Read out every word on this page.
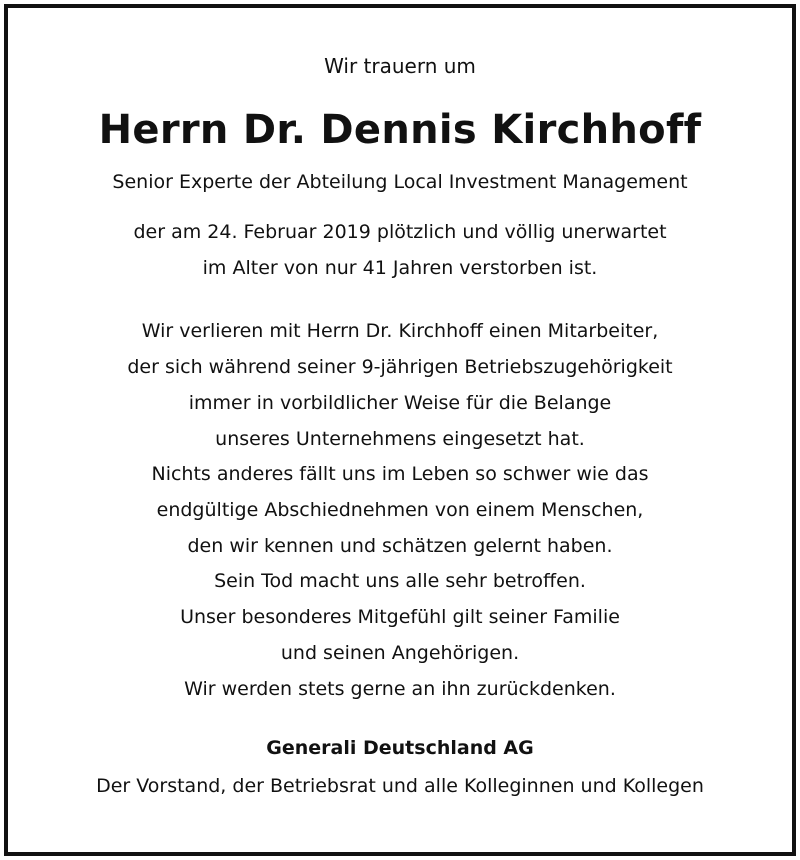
Wir trauern um
Herrn Dr. Dennis Kirchhoff
Senior Experte der Abteilung Local Investment Management
der am 24. Februar 2019 plötzlich und völlig unerwartet
im Alter von nur 41 Jahren verstorben ist.
Wir verlieren mit Herrn Dr. Kirchhoff einen Mitarbeiter,
der sich während seiner 9-jährigen Betriebszugehörigkeit
immer in vorbildlicher Weise für die Belange
unseres Unternehmens eingesetzt hat.
Nichts anderes fällt uns im Leben so schwer wie das
endgültige Abschiednehmen von einem Menschen,
den wir kennen und schätzen gelernt haben.
Sein Tod macht uns alle sehr betroffen.
Unser besonderes Mitgefühl gilt seiner Familie
und seinen Angehörigen.
Wir werden stets gerne an ihn zurückdenken.
Generali Deutschland AG
Der Vorstand, der Betriebsrat und alle Kolleginnen und Kollegen
